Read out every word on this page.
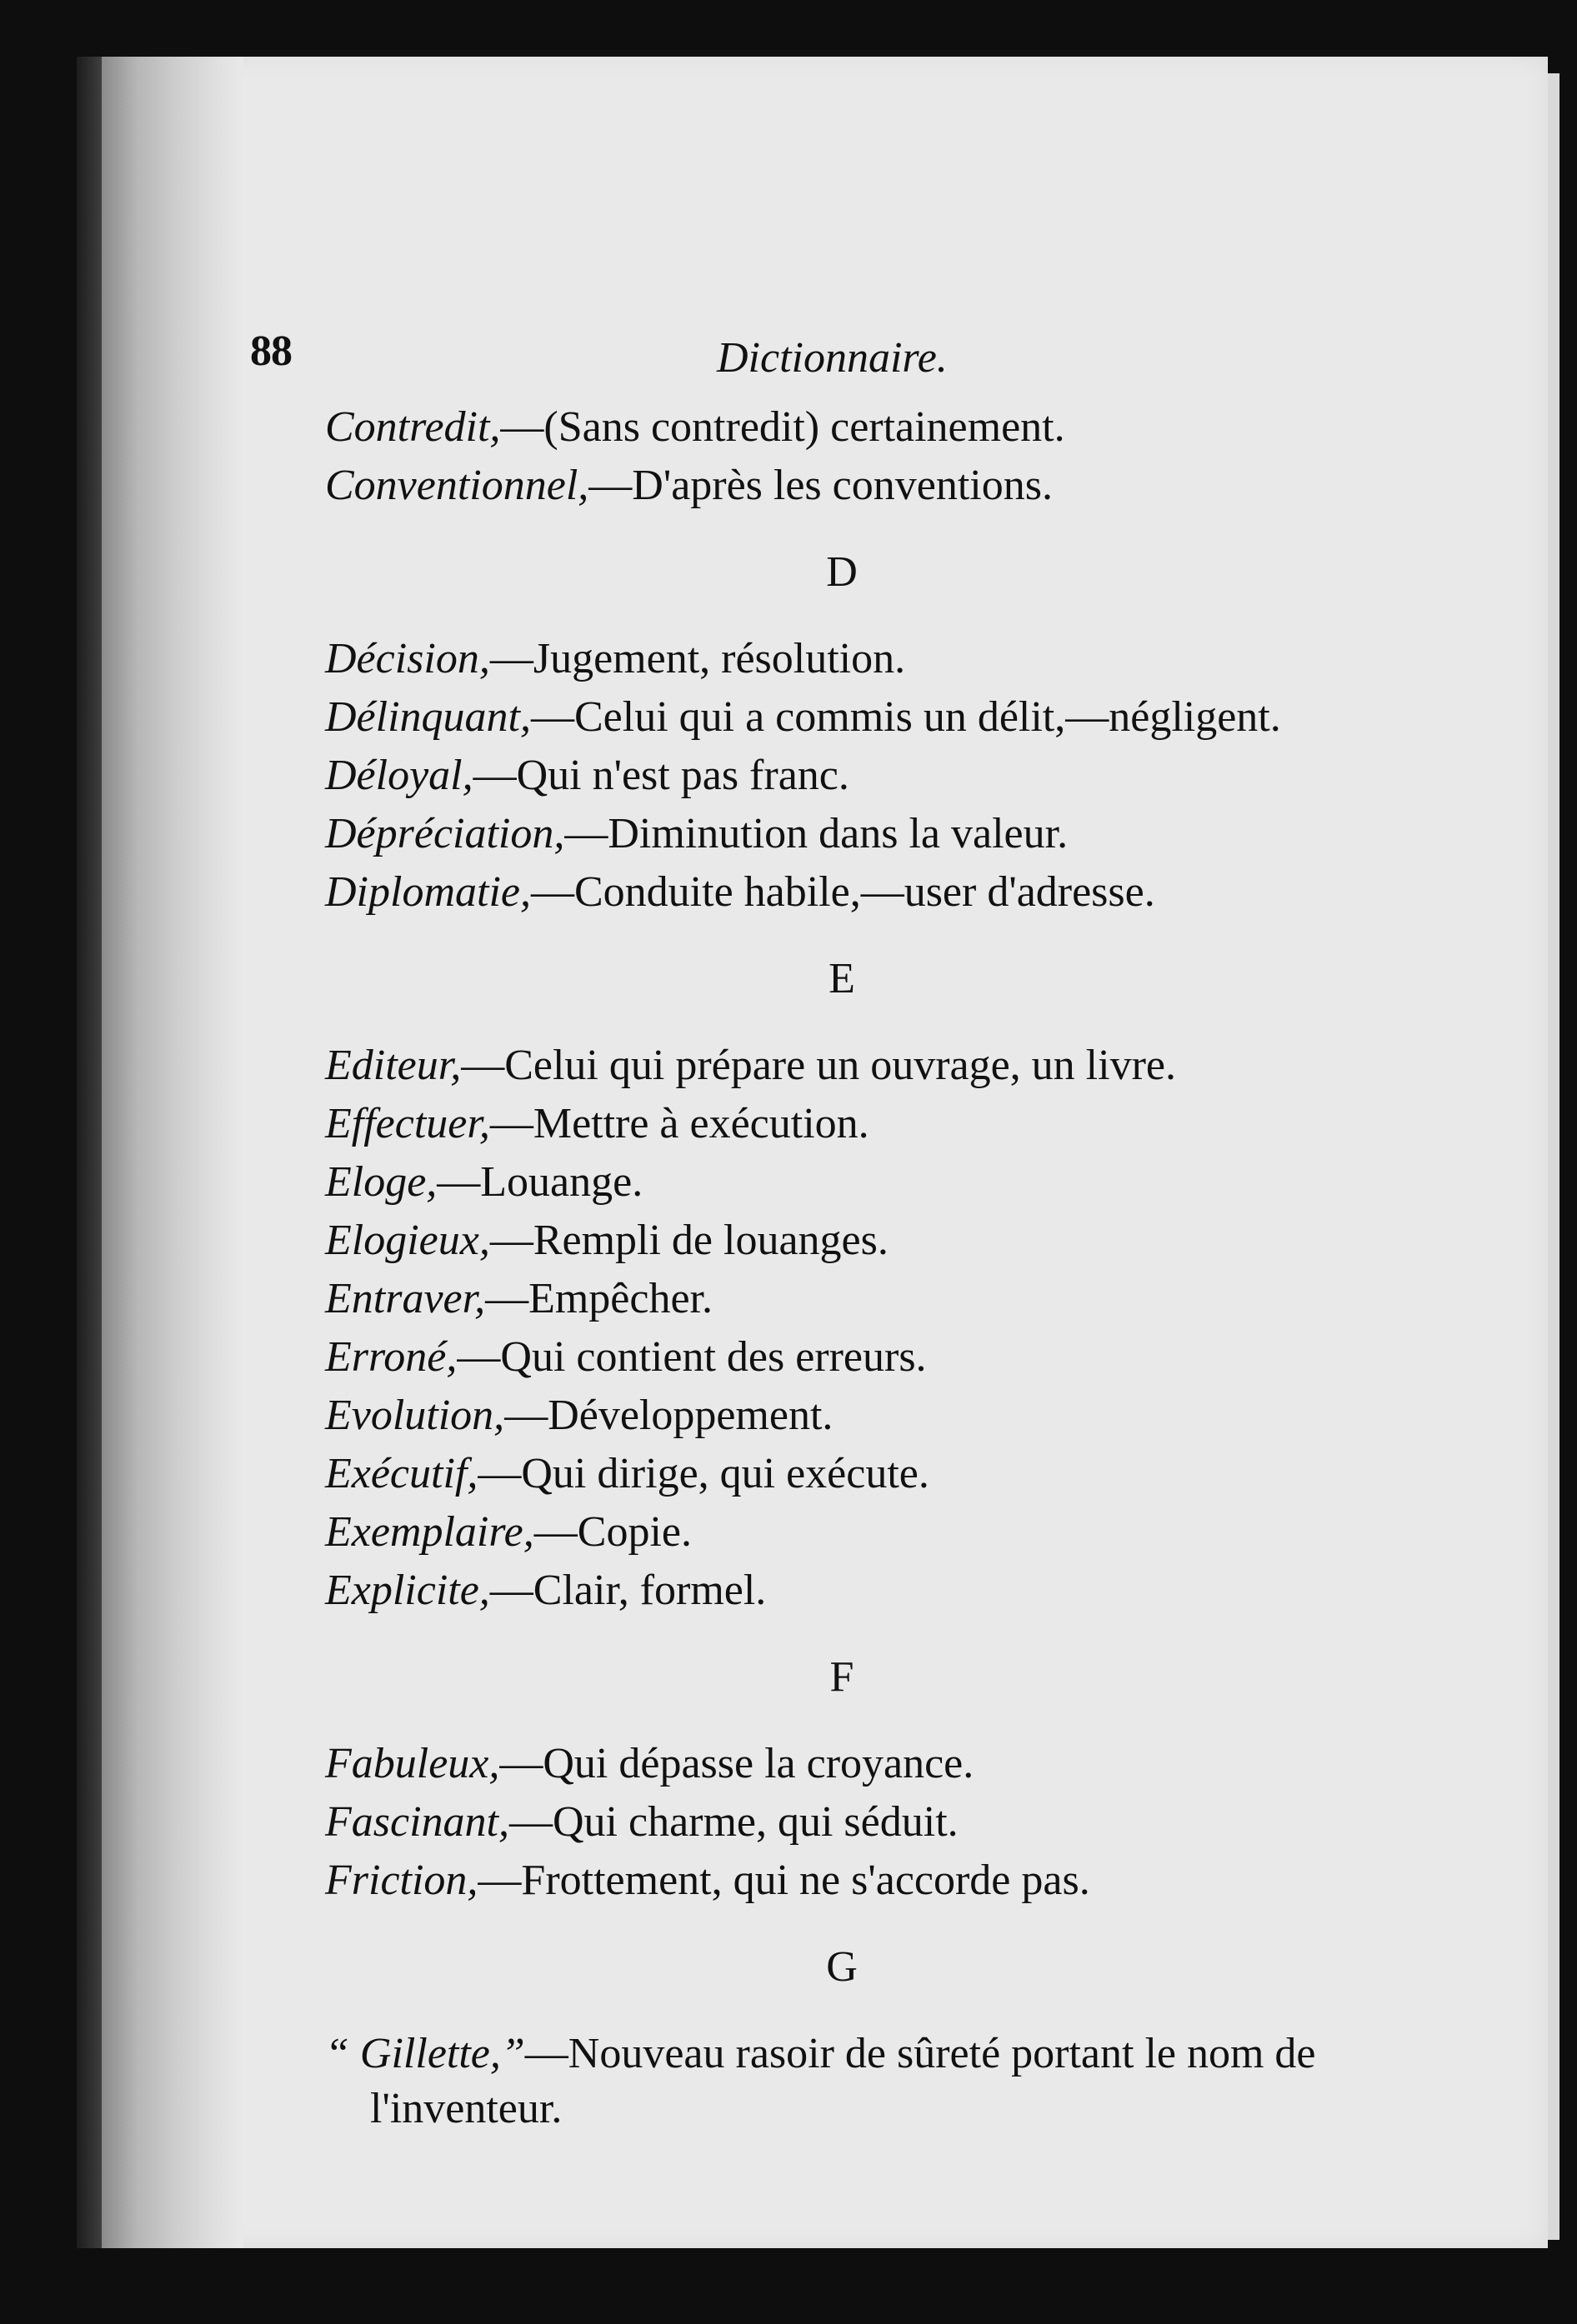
88	Dictionnaire.

Contredit,—(Sans contredit) certainement.

Conventionnel,—D'après les conventions.

D

Décision,—Jugement, résolution.

Délinquant,—Celui qui a commis un délit,—négligent.

Déloyal,—Qui n'est pas franc.

Dépréciation,—Diminution dans la valeur.

Diplomatie,—Conduite habile,—user d'adresse.

E

Editeur,—Celui qui prépare un ouvrage, un livre.

Effectuer,—Mettre à exécution.

Eloge,—Louange.

Elogieux,—Rempli de louanges.

Entraver,—Empêcher.

Erroné,—Qui contient des erreurs.

Evolution,—Développement.

Exécutif,—Qui dirige, qui exécute.

Exemplaire,—Copie.

Explicite,—Clair, formel.

F

Fabuleux,—Qui dépasse la croyance.

Fascinant,—Qui charme, qui séduit.

Friction,—Frottement, qui ne s'accorde pas.

G

“ Gillette,”—Nouveau rasoir de sûreté portant le nom de l'inventeur.
